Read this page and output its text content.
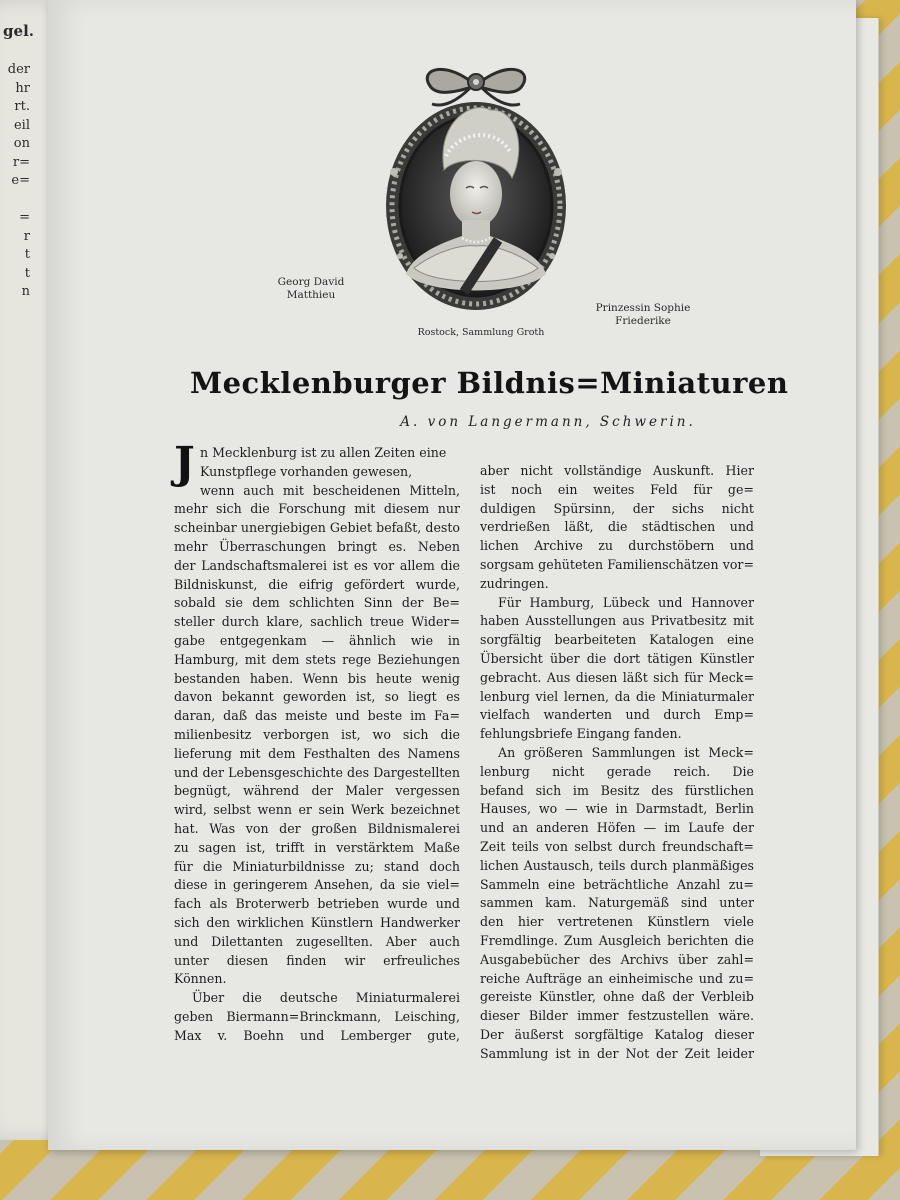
gel.
der
hr
rt.
eil
on
r=
e=
=
r
t
t
n
Georg David
Matthieu
Prinzessin Sophie
Friederike
Rostock, Sammlung Groth
Mecklenburger Bildnis=Miniaturen
A. von Langermann, Schwerin.
J n Mecklenburg ist zu allen Zeiten eine
Kunstpflege vorhanden gewesen,
wenn auch mit bescheidenen Mitteln,
mehr sich die Forschung mit diesem nur
scheinbar unergiebigen Gebiet befaßt, desto
mehr Überraschungen bringt es. Neben
der Landschaftsmalerei ist es vor allem die
Bildniskunst, die eifrig gefördert wurde,
sobald sie dem schlichten Sinn der Be=
steller durch klare, sachlich treue Wider=
gabe entgegenkam — ähnlich wie in
Hamburg, mit dem stets rege Beziehungen
bestanden haben. Wenn bis heute wenig
davon bekannt geworden ist, so liegt es
daran, daß das meiste und beste im Fa=
milienbesitz verborgen ist, wo sich die
lieferung mit dem Festhalten des Namens
und der Lebensgeschichte des Dargestellten
begnügt, während der Maler vergessen
wird, selbst wenn er sein Werk bezeichnet
hat. Was von der großen Bildnismalerei
zu sagen ist, trifft in verstärktem Maße
für die Miniaturbildnisse zu; stand doch
diese in geringerem Ansehen, da sie viel=
fach als Broterwerb betrieben wurde und
sich den wirklichen Künstlern Handwerker
und Dilettanten zugesellten. Aber auch
unter diesen finden wir erfreuliches
Können.
Über die deutsche Miniaturmalerei
geben Biermann=Brinckmann, Leisching,
Max v. Boehn und Lemberger gute,
aber nicht vollständige Auskunft. Hier
ist noch ein weites Feld für ge=
duldigen Spürsinn, der sichs nicht
verdrießen läßt, die städtischen und
lichen Archive zu durchstöbern und
sorgsam gehüteten Familienschätzen vor=
zudringen.
Für Hamburg, Lübeck und Hannover
haben Ausstellungen aus Privatbesitz mit
sorgfältig bearbeiteten Katalogen eine
Übersicht über die dort tätigen Künstler
gebracht. Aus diesen läßt sich für Meck=
lenburg viel lernen, da die Miniaturmaler
vielfach wanderten und durch Emp=
fehlungsbriefe Eingang fanden.
An größeren Sammlungen ist Meck=
lenburg nicht gerade reich. Die
befand sich im Besitz des fürstlichen
Hauses, wo — wie in Darmstadt, Berlin
und an anderen Höfen — im Laufe der
Zeit teils von selbst durch freundschaft=
lichen Austausch, teils durch planmäßiges
Sammeln eine beträchtliche Anzahl zu=
sammen kam. Naturgemäß sind unter
den hier vertretenen Künstlern viele
Fremdlinge. Zum Ausgleich berichten die
Ausgabebücher des Archivs über zahl=
reiche Aufträge an einheimische und zu=
gereiste Künstler, ohne daß der Verbleib
dieser Bilder immer festzustellen wäre.
Der äußerst sorgfältige Katalog dieser
Sammlung ist in der Not der Zeit leider
